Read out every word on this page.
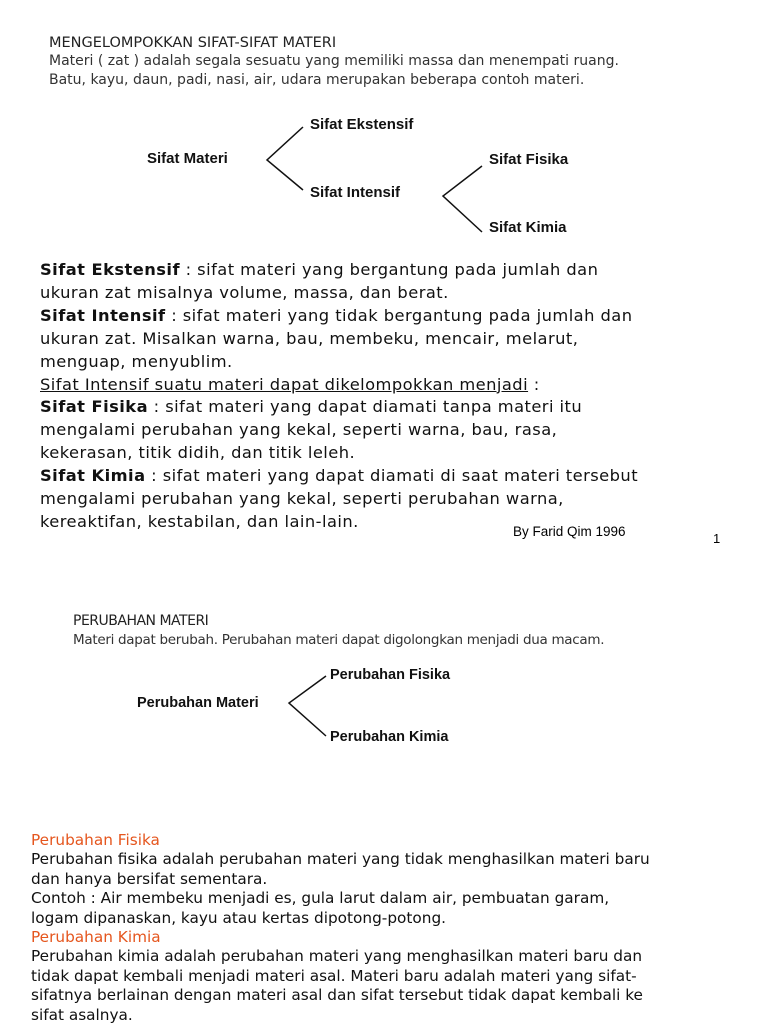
MENGELOMPOKKAN SIFAT-SIFAT MATERI
Materi ( zat ) adalah segala sesuatu yang memiliki massa dan menempati ruang.
Batu, kayu, daun, padi, nasi, air, udara merupakan beberapa contoh materi.
Sifat Materi
Sifat Ekstensif
Sifat Intensif
Sifat Fisika
Sifat Kimia
Sifat Ekstensif : sifat materi yang bergantung pada jumlah dan
ukuran zat misalnya volume, massa, dan berat.
Sifat Intensif : sifat materi yang tidak bergantung pada jumlah dan
ukuran zat. Misalkan warna, bau, membeku, mencair, melarut,
menguap, menyublim.
Sifat Intensif suatu materi dapat dikelompokkan menjadi :
Sifat Fisika : sifat materi yang dapat diamati tanpa materi itu
mengalami perubahan yang kekal, seperti warna, bau, rasa,
kekerasan, titik didih, dan titik leleh.
Sifat Kimia : sifat materi yang dapat diamati di saat materi tersebut
mengalami perubahan yang kekal, seperti perubahan warna,
kereaktifan, kestabilan, dan lain-lain.
By Farid Qim 1996	1
PERUBAHAN MATERI
Materi dapat berubah. Perubahan materi dapat digolongkan menjadi dua macam.
Perubahan Materi
Perubahan Fisika
Perubahan Kimia
Perubahan Fisika
Perubahan fisika adalah perubahan materi yang tidak menghasilkan materi baru
dan hanya bersifat sementara.
Contoh : Air membeku menjadi es, gula larut dalam air, pembuatan garam,
logam dipanaskan, kayu atau kertas dipotong-potong.
Perubahan Kimia
Perubahan kimia adalah perubahan materi yang menghasilkan materi baru dan
tidak dapat kembali menjadi materi asal. Materi baru adalah materi yang sifat-
sifatnya berlainan dengan materi asal dan sifat tersebut tidak dapat kembali ke
sifat asalnya.
